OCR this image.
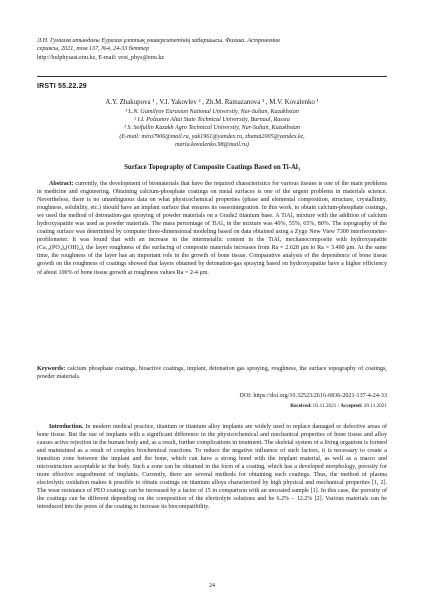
Л.Н. Гумилев атындағы Еуразия ұлттық университетінің хабаршысы. Физика. Астрономия
сериясы, 2021, том 137, №4, 24-33 беттер
http://bulphysast.enu.kz, E-mail: vest_phys@enu.kz
IRSTI 55.22.29
A.Y. Zhakupova ¹ , V.I. Yakovlev ² , Zh.M. Ramazanova ³ , M.V. Kovalenko ¹
¹ L.N. Gumilyov Eurasian National University, Nur-Sultan, Kazakhstan
² I.I. Polzunov Altai State Technical University, Barnaul, Russia
³ S. Seifullin Kazakh Agro Technical University, Nur-Sultan, Kazakhstan
(E-mail: mira7906@mail.ru, yak1961@yandex.ru, zhanat2005@yandex.kz,
maria.kovalenko.98@mail.ru)
Surface Topography of Composite Coatings Based on Ti-Al₃
Abstract: currently, the development of biomaterials that have the required characteristics for various tissues is one of the main problems in medicine and engineering. Obtaining calcium-phosphate coatings on metal surfaces is one of the urgent problems in materials science. Nevertheless, there is no unambiguous data on what physicochemical properties (phase and elemental composition, structure, crystallinity, roughness, solubility, etc.) should have an implant surface that ensures its osseointegration. In this work, to obtain calcium-phosphate coatings, we used the method of detonation-gas spraying of powder materials on a Grade2 titanium base. A TiAl₃ mixture with the addition of calcium hydroxyapatite was used as powder materials. The mass percentage of TiAl₃ in the mixture was 40%, 55%, 65%, 80%. The topography of the coating surface was determined by computer three-dimensional modeling based on data obtained using a Zygo New View 7300 interferometer-profilometer. It was found that with an increase in the intermetallic content in the TiAl₃ mechanocomposite with hydroxyapatite (Ca₁₀(PO₄)₆(OH)₂), the layer roughness of the surfacing of composite materials increases from Ra = 2.628 μm to Ra = 3.490 μm. At the same time, the roughness of the layer has an important role in the growth of bone tissue. Comparative analysis of the dependence of bone tissue growth on the roughness of coatings showed that layers obtained by detonation-gas spraying based on hydroxyapatite have a higher efficiency of about 100% of bone tissue growth at roughness values Ra = 2-4 μm.
Keywords: calcium phosphate coatings, bioactive coatings, implant, detonation gas spraying, roughness, the surface topography of coatings, powder materials.
DOI: https://doi.org/10.32523/2616-6836-2021-137-4-24-33
Received: 03.11.2021 / Accepted: 20.11.2021
Introduction. In modern medical practice, titanium or titanium alloy implants are widely used to replace damaged or defective areas of bone tissue. But the use of implants with a significant difference in the physicochemical and mechanical properties of bone tissue and alloy causes active rejection in the human body and, as a result, further complications in treatment. The skeletal system of a living organism is formed and maintained as a result of complex biochemical reactions. To reduce the negative influence of such factors, it is necessary to create a transition zone between the implant and the bone, which can have a strong bond with the implant material, as well as a macro and microstructure acceptable to the body. Such a zone can be obtained in the form of a coating, which has a developed morphology, porosity for more effective engraftment of implants. Currently, there are several methods for obtaining such coatings. Thus, the method of plasma electrolytic oxidation makes it possible to obtain coatings on titanium alloys characterized by high physical and mechanical properties [1, 2]. The wear resistance of PEO coatings can be increased by a factor of 15 in comparison with an uncoated sample [1]. In this case, the porosity of the coatings can be different depending on the composition of the electrolyte solutions and be 6.2% – 12.2% [2]. Various materials can be introduced into the pores of the coating to increase its biocompatibility.
24
